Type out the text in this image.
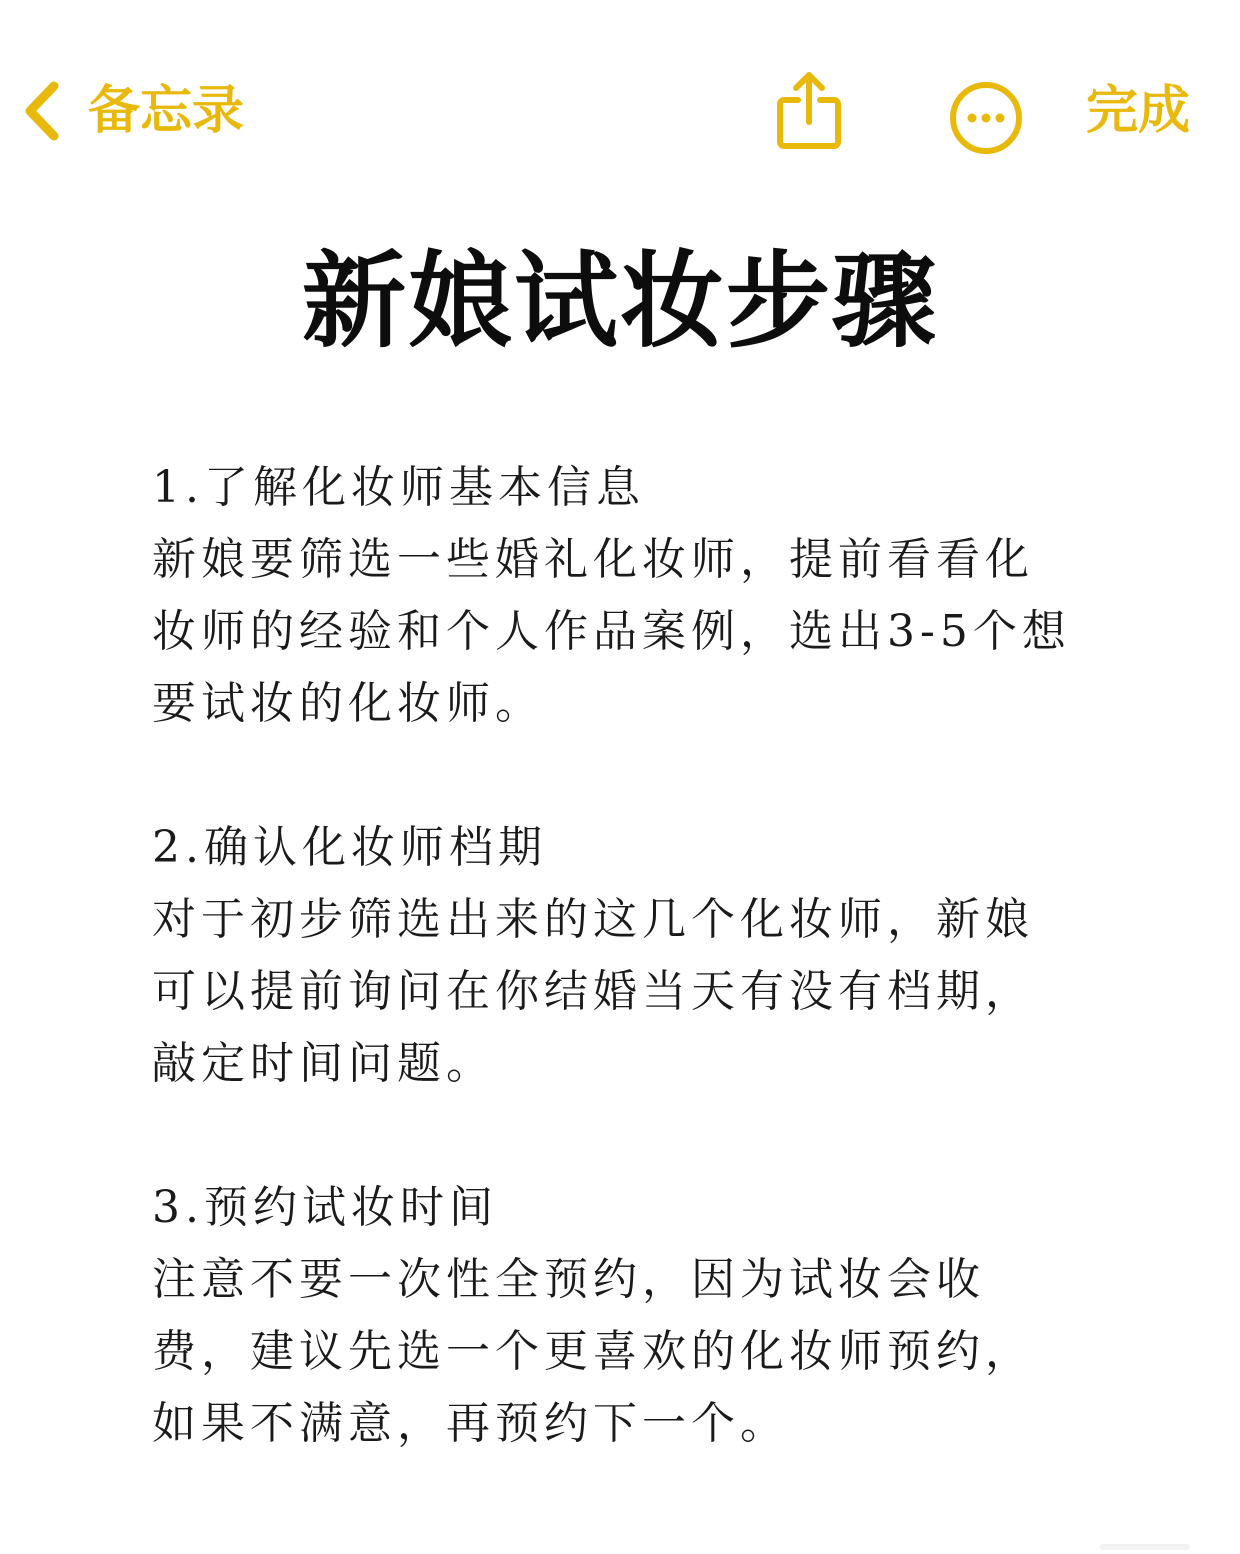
备忘录	完成
新娘试妆步骤
1.了解化妆师基本信息
新娘要筛选一些婚礼化妆师，提前看看化妆师的经验和个人作品案例，选出3-5个想要试妆的化妆师。
2.确认化妆师档期
对于初步筛选出来的这几个化妆师，新娘可以提前询问在你结婚当天有没有档期，敲定时间问题。
3.预约试妆时间
注意不要一次性全预约，因为试妆会收费，建议先选一个更喜欢的化妆师预约，如果不满意，再预约下一个。
